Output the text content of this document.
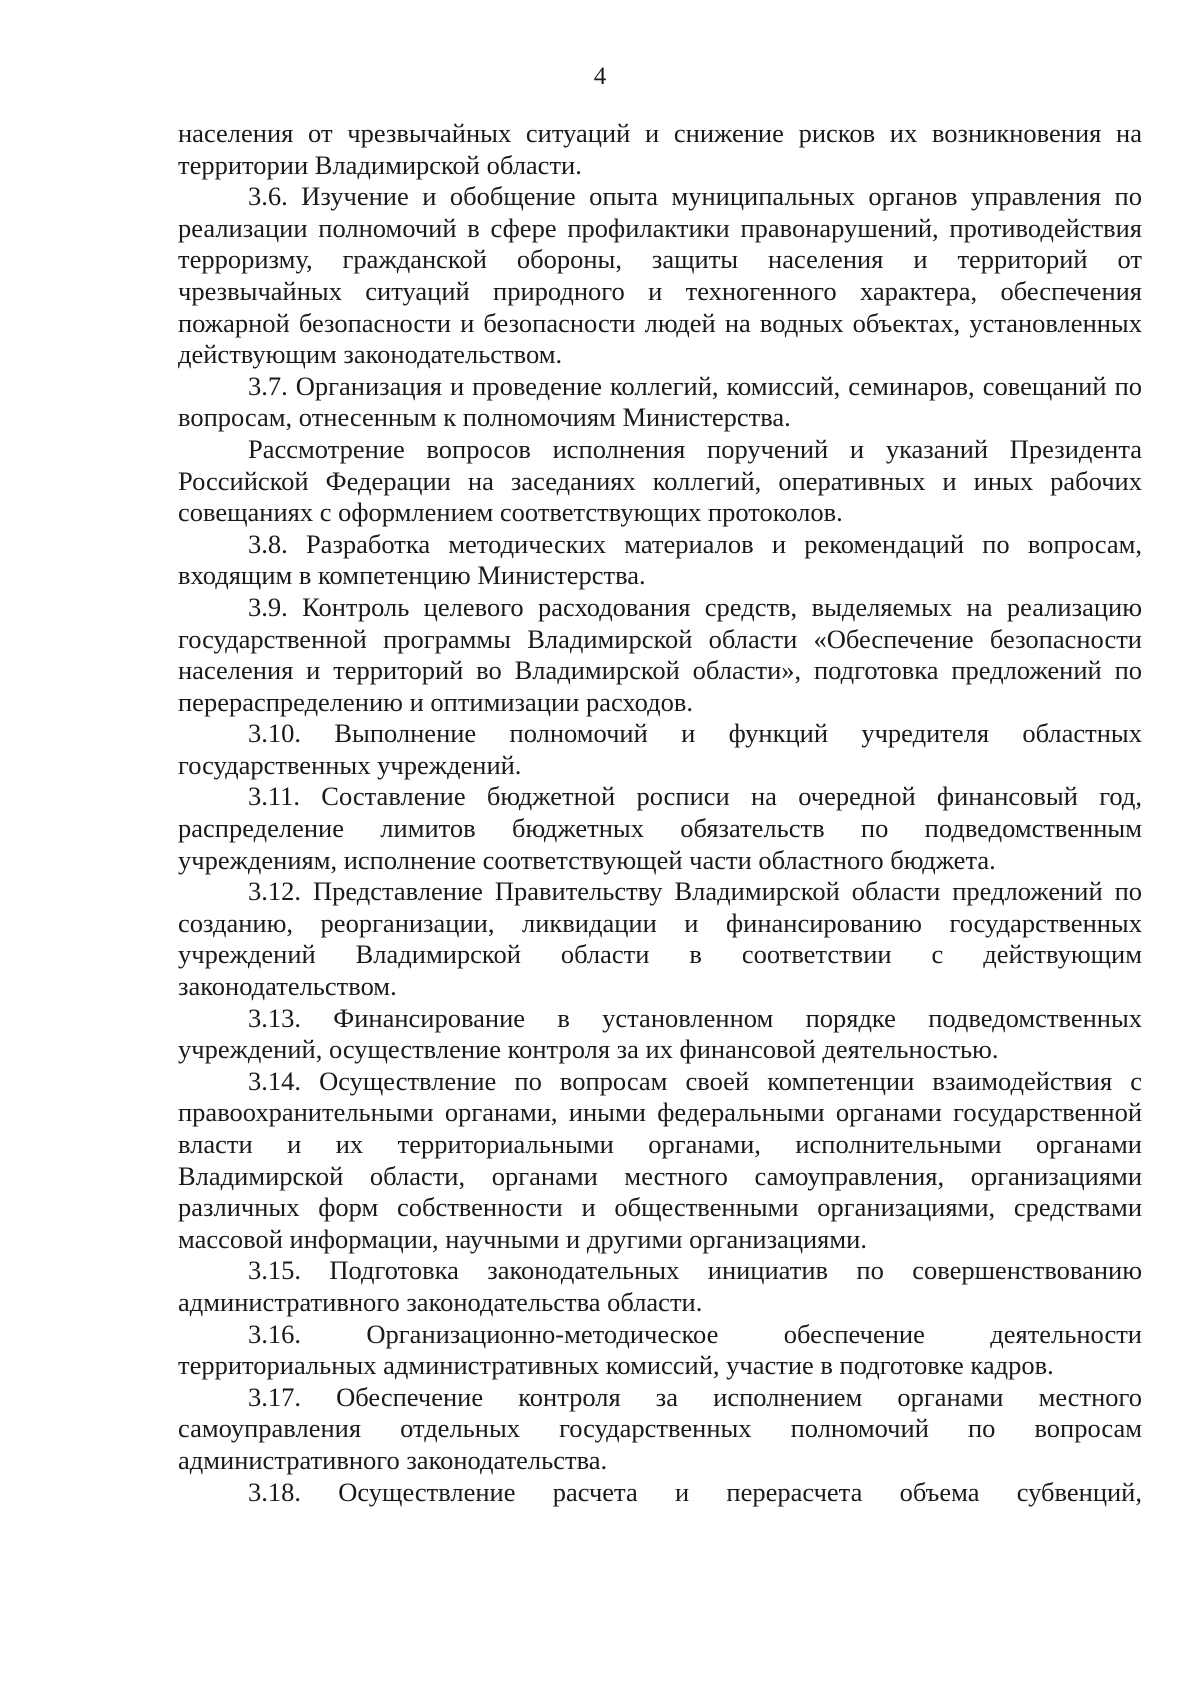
4

населения от чрезвычайных ситуаций и снижение рисков их возникновения на территории Владимирской области.

3.6. Изучение и обобщение опыта муниципальных органов управления по реализации полномочий в сфере профилактики правонарушений, противодействия терроризму, гражданской обороны, защиты населения и территорий от чрезвычайных ситуаций природного и техногенного характера, обеспечения пожарной безопасности и безопасности людей на водных объектах, установленных действующим законодательством.

3.7. Организация и проведение коллегий, комиссий, семинаров, совещаний по вопросам, отнесенным к полномочиям Министерства.

Рассмотрение вопросов исполнения поручений и указаний Президента Российской Федерации на заседаниях коллегий, оперативных и иных рабочих совещаниях с оформлением соответствующих протоколов.

3.8. Разработка методических материалов и рекомендаций по вопросам, входящим в компетенцию Министерства.

3.9. Контроль целевого расходования средств, выделяемых на реализацию государственной программы Владимирской области «Обеспечение безопасности населения и территорий во Владимирской области», подготовка предложений по перераспределению и оптимизации расходов.

3.10. Выполнение полномочий и функций учредителя областных государственных учреждений.

3.11. Составление бюджетной росписи на очередной финансовый год, распределение лимитов бюджетных обязательств по подведомственным учреждениям, исполнение соответствующей части областного бюджета.

3.12. Представление Правительству Владимирской области предложений по созданию, реорганизации, ликвидации и финансированию государственных учреждений Владимирской области в соответствии с действующим законодательством.

3.13. Финансирование в установленном порядке подведомственных учреждений, осуществление контроля за их финансовой деятельностью.

3.14. Осуществление по вопросам своей компетенции взаимодействия с правоохранительными органами, иными федеральными органами государственной власти и их территориальными органами, исполнительными органами Владимирской области, органами местного самоуправления, организациями различных форм собственности и общественными организациями, средствами массовой информации, научными и другими организациями.

3.15. Подготовка законодательных инициатив по совершенствованию административного законодательства области.

3.16. Организационно-методическое обеспечение деятельности территориальных административных комиссий, участие в подготовке кадров.

3.17. Обеспечение контроля за исполнением органами местного самоуправления отдельных государственных полномочий по вопросам административного законодательства.

3.18. Осуществление расчета и перерасчета объема субвенций,
